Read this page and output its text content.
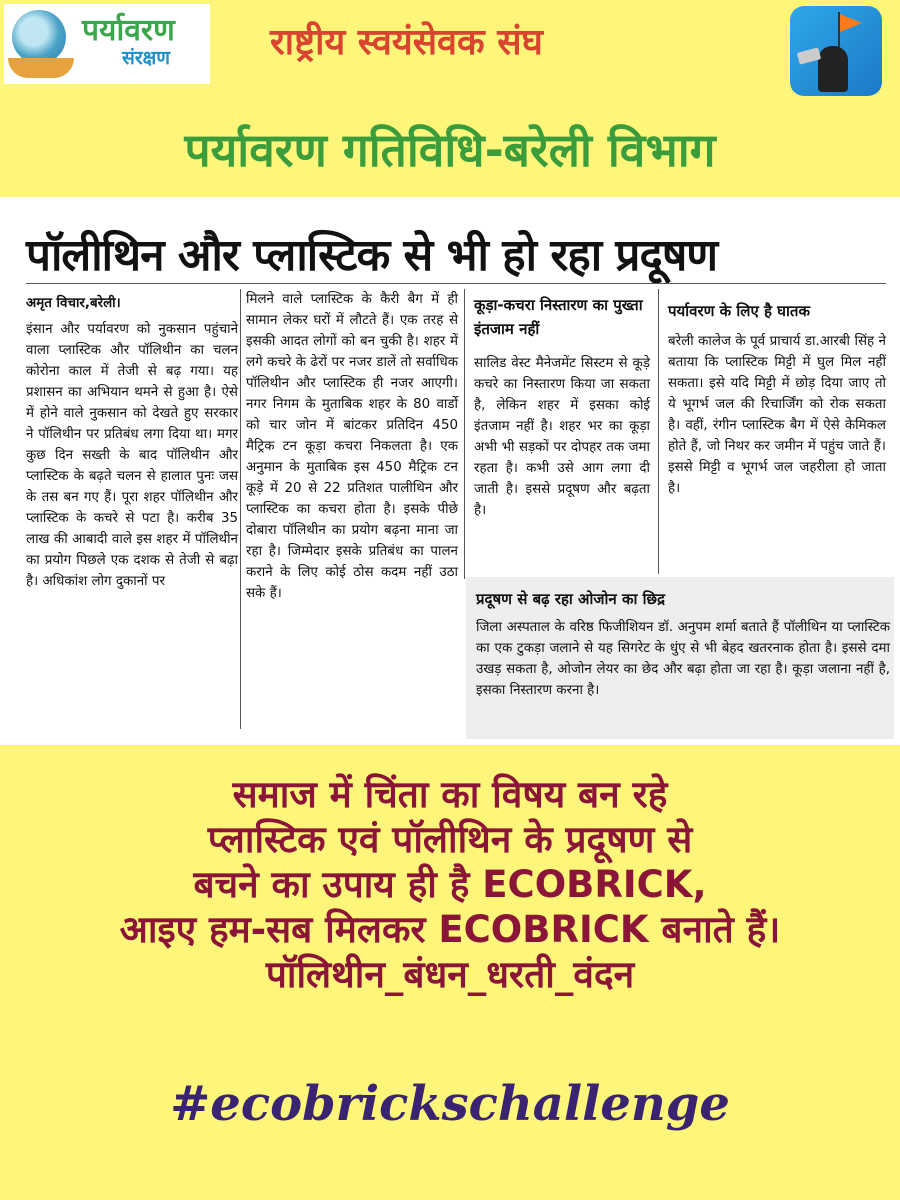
पर्यावरण
संरक्षण	राष्ट्रीय स्वयंसेवक संघ
पर्यावरण गतिविधि-बरेली विभाग
पॉलीथिन और प्लास्टिक से भी हो रहा प्रदूषण
अमृत विचार,बरेली।
इंसान और पर्यावरण को नुकसान पहुंचाने वाला प्लास्टिक और पॉलिथीन का चलन कोरोना काल में तेजी से बढ़ गया। यह प्रशासन का अभियान थमने से हुआ है। ऐसे में होने वाले नुकसान को देखते हुए सरकार ने पॉलिथीन पर प्रतिबंध लगा दिया था। मगर कुछ दिन सख्ती के बाद पॉलिथीन और प्लास्टिक के बढ़ते चलन से हालात पुनः जस के तस बन गए हैं। पूरा शहर पॉलिथीन और प्लास्टिक के कचरे से पटा है। करीब 35 लाख की आबादी वाले इस शहर में पॉलिथीन का प्रयोग पिछले एक दशक से तेजी से बढ़ा है। अधिकांश लोग दुकानों पर
मिलने वाले प्लास्टिक के कैरी बैग में ही सामान लेकर घरों में लौटते हैं। एक तरह से इसकी आदत लोगों को बन चुकी है। शहर में लगे कचरे के ढेरों पर नजर डालें तो सर्वाधिक पॉलिथीन और प्लास्टिक ही नजर आएगी। नगर निगम के मुताबिक शहर के 80 वार्डो को चार जोन में बांटकर प्रतिदिन 450 मैट्रिक टन कूड़ा कचरा निकलता है। एक अनुमान के मुताबिक इस 450 मैट्रिक टन कूड़े में 20 से 22 प्रतिशत पालीथिन और प्लास्टिक का कचरा होता है। इसके पीछे दोबारा पॉलिथीन का प्रयोग बढ़ना माना जा रहा है। जिम्मेदार इसके प्रतिबंध का पालन कराने के लिए कोई ठोस कदम नहीं उठा सके हैं।
कूड़ा-कचरा निस्तारण का पुख्ता इंतजाम नहीं
सालिड वेस्ट मैनेजमेंट सिस्टम से कूड़े कचरे का निस्तारण किया जा सकता है, लेकिन शहर में इसका कोई इंतजाम नहीं है। शहर भर का कूड़ा अभी भी सड़कों पर दोपहर तक जमा रहता है। कभी उसे आग लगा दी जाती है। इससे प्रदूषण और बढ़ता है।
पर्यावरण के लिए है घातक
बरेली कालेज के पूर्व प्राचार्य डा.आरबी सिंह ने बताया कि प्लास्टिक मिट्टी में घुल मिल नहीं सकता। इसे यदि मिट्टी में छोड़ दिया जाए तो ये भूगर्भ जल की रिचार्जिंग को रोक सकता है। वहीं, रंगीन प्लास्टिक बैग में ऐसे केमिकल होते हैं, जो निथर कर जमीन में पहुंच जाते हैं। इससे मिट्टी व भूगर्भ जल जहरीला हो जाता है।
प्रदूषण से बढ़ रहा ओजोन का छिद्र
जिला अस्पताल के वरिष्ठ फिजीशियन डॉ. अनुपम शर्मा बताते हैं पॉलीथिन या प्लास्टिक का एक टुकड़ा जलाने से यह सिगरेट के धुंए से भी बेहद खतरनाक होता है। इससे दमा उखड़ सकता है, ओजोन लेयर का छेद और बढ़ा होता जा रहा है। कूड़ा जलाना नहीं है, इसका निस्तारण करना है।
समाज में चिंता का विषय बन रहे
प्लास्टिक एवं पॉलीथिन के प्रदूषण से
बचने का उपाय ही है ECOBRICK,
आइए हम-सब मिलकर ECOBRICK बनाते हैं।
पॉलिथीन_बंधन_धरती_वंदन
#ecobrickschallenge
